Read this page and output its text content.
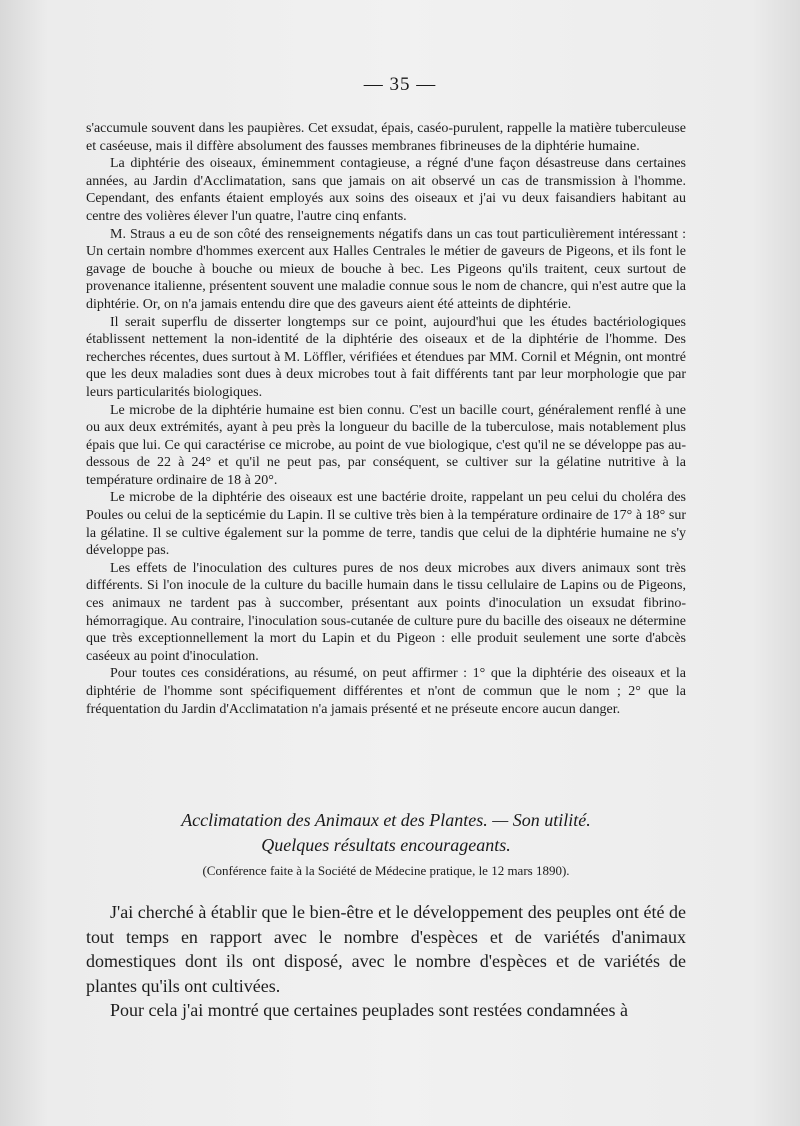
— 35 —

s'accumule souvent dans les paupières. Cet exsudat, épais, caséo-purulent, rappelle la matière tuberculeuse et caséeuse, mais il diffère absolument des fausses membranes fibrineuses de la diphtérie humaine.

La diphtérie des oiseaux, éminemment contagieuse, a régné d'une façon désastreuse dans certaines années, au Jardin d'Acclimatation, sans que jamais on ait observé un cas de transmission à l'homme. Cependant, des enfants étaient employés aux soins des oiseaux et j'ai vu deux faisandiers habitant au centre des volières élever l'un quatre, l'autre cinq enfants.

M. Straus a eu de son côté des renseignements négatifs dans un cas tout particulièrement intéressant : Un certain nombre d'hommes exercent aux Halles Centrales le métier de gaveurs de Pigeons, et ils font le gavage de bouche à bouche ou mieux de bouche à bec. Les Pigeons qu'ils traitent, ceux surtout de provenance italienne, présentent souvent une maladie connue sous le nom de chancre, qui n'est autre que la diphtérie. Or, on n'a jamais entendu dire que des gaveurs aient été atteints de diphtérie.

Il serait superflu de disserter longtemps sur ce point, aujourd'hui que les études bactériologiques établissent nettement la non-identité de la diphtérie des oiseaux et de la diphtérie de l'homme. Des recherches récentes, dues surtout à M. Löffler, vérifiées et étendues par MM. Cornil et Mégnin, ont montré que les deux maladies sont dues à deux microbes tout à fait différents tant par leur morphologie que par leurs particularités biologiques.

Le microbe de la diphtérie humaine est bien connu. C'est un bacille court, généralement renflé à une ou aux deux extrémités, ayant à peu près la longueur du bacille de la tuberculose, mais notablement plus épais que lui. Ce qui caractérise ce microbe, au point de vue biologique, c'est qu'il ne se développe pas au-dessous de 22 à 24° et qu'il ne peut pas, par conséquent, se cultiver sur la gélatine nutritive à la température ordinaire de 18 à 20°.

Le microbe de la diphtérie des oiseaux est une bactérie droite, rappelant un peu celui du choléra des Poules ou celui de la septicémie du Lapin. Il se cultive très bien à la température ordinaire de 17° à 18° sur la gélatine. Il se cultive également sur la pomme de terre, tandis que celui de la diphtérie humaine ne s'y développe pas.

Les effets de l'inoculation des cultures pures de nos deux microbes aux divers animaux sont très différents. Si l'on inocule de la culture du bacille humain dans le tissu cellulaire de Lapins ou de Pigeons, ces animaux ne tardent pas à succomber, présentant aux points d'inoculation un exsudat fibrino-hémorragique. Au contraire, l'inoculation sous-cutanée de culture pure du bacille des oiseaux ne détermine que très exceptionnellement la mort du Lapin et du Pigeon : elle produit seulement une sorte d'abcès caséeux au point d'inoculation.

Pour toutes ces considérations, au résumé, on peut affirmer : 1° que la diphtérie des oiseaux et la diphtérie de l'homme sont spécifiquement différentes et n'ont de commun que le nom ; 2° que la fréquentation du Jardin d'Acclimatation n'a jamais présenté et ne préseute encore aucun danger.

Acclimatation des Animaux et des Plantes. — Son utilité.
Quelques résultats encourageants.
(Conférence faite à la Société de Médecine pratique, le 12 mars 1890).

J'ai cherché à établir que le bien-être et le développement des peuples ont été de tout temps en rapport avec le nombre d'espèces et de variétés d'animaux domestiques dont ils ont disposé, avec le nombre d'espèces et de variétés de plantes qu'ils ont cultivées.

Pour cela j'ai montré que certaines peuplades sont restées condamnées à
